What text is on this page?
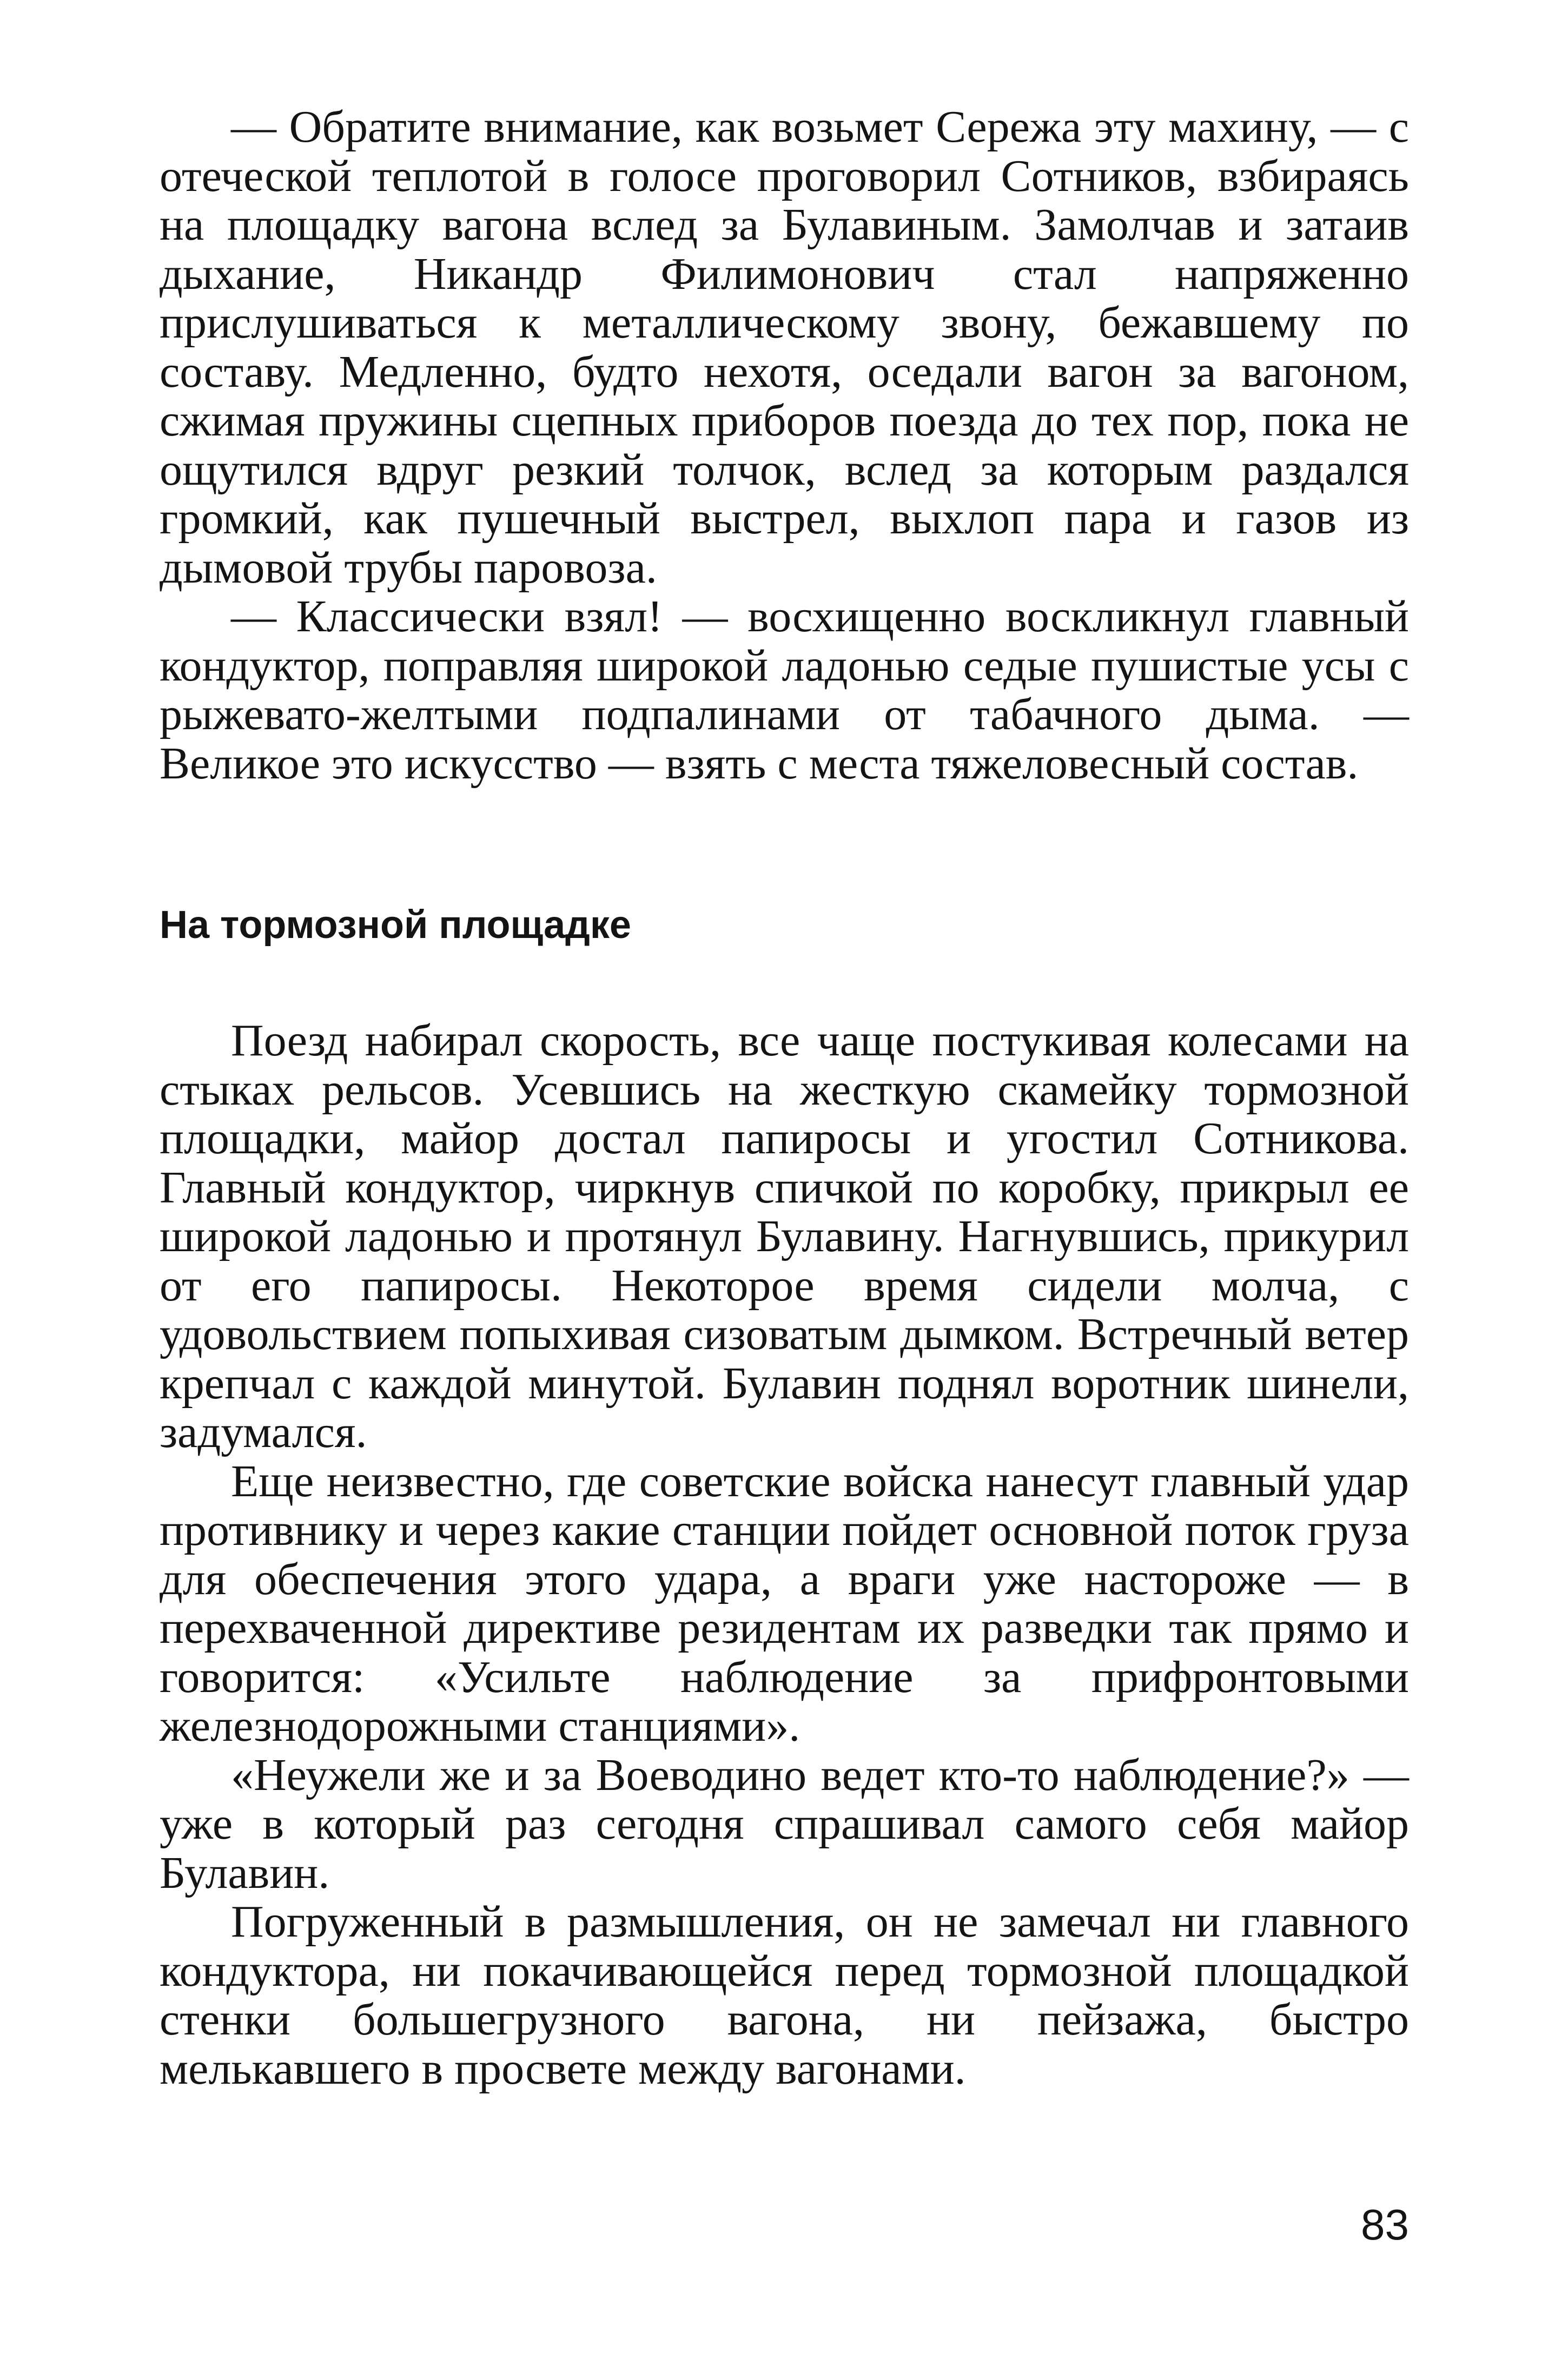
— Обратите внимание, как возьмет Сережа эту махину, — с отеческой теплотой в голосе проговорил Сотников, взбираясь на площадку вагона вслед за Булавиным. Замолчав и затаив дыхание, Никандр Филимонович стал напряженно прислушиваться к металлическому звону, бежавшему по составу. Медленно, будто нехотя, оседали вагон за вагоном, сжимая пружины сцепных приборов поезда до тех пор, пока не ощутился вдруг резкий толчок, вслед за которым раздался громкий, как пушечный выстрел, выхлоп пара и газов из дымовой трубы паровоза.

— Классически взял! — восхищенно воскликнул главный кондуктор, поправляя широкой ладонью седые пушистые усы с рыжевато-желтыми подпалинами от табачного дыма. — Великое это искусство — взять с места тяжеловесный состав.

На тормозной площадке

Поезд набирал скорость, все чаще постукивая колесами на стыках рельсов. Усевшись на жесткую скамейку тормозной площадки, майор достал папиросы и угостил Сотникова. Главный кондуктор, чиркнув спичкой по коробку, прикрыл ее широкой ладонью и протянул Булавину. Нагнувшись, прикурил от его папиросы. Некоторое время сидели молча, с удовольствием попыхивая сизоватым дымком. Встречный ветер крепчал с каждой минутой. Булавин поднял воротник шинели, задумался.

Еще неизвестно, где советские войска нанесут главный удар противнику и через какие станции пойдет основной поток груза для обеспечения этого удара, а враги уже настороже — в перехваченной директиве резидентам их разведки так прямо и говорится: «Усильте наблюдение за прифронтовыми железнодорожными станциями».

«Неужели же и за Воеводино ведет кто-то наблюдение?» — уже в который раз сегодня спрашивал самого себя майор Булавин.

Погруженный в размышления, он не замечал ни главного кондуктора, ни покачивающейся перед тормозной площадкой стенки большегрузного вагона, ни пейзажа, быстро мелькавшего в просвете между вагонами.

83
